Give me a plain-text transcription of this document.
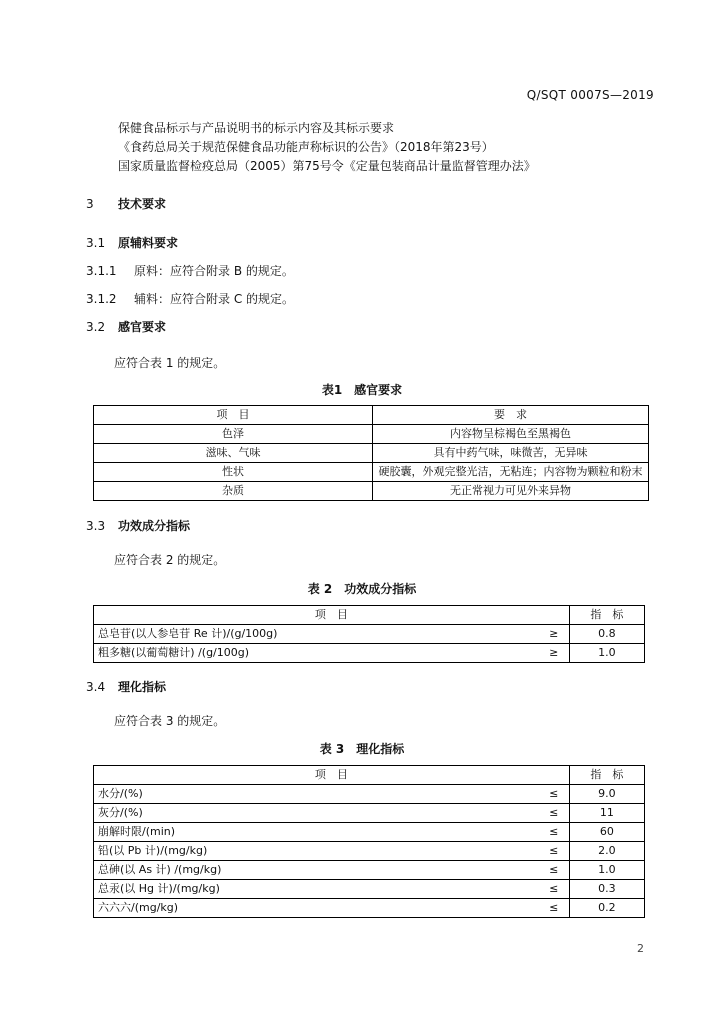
Q/SQT 0007S—2019
保健食品标示与产品说明书的标示内容及其标示要求
《食药总局关于规范保健食品功能声称标识的公告》（2018年第23号）
国家质量监督检疫总局（2005）第75号令《定量包装商品计量监督管理办法》
3 技术要求
3.1 原辅料要求
3.1.1 原料：应符合附录 B 的规定。
3.1.2 辅料：应符合附录 C 的规定。
3.2 感官要求
应符合表 1 的规定。
表1　感官要求
项　目	要　求
色泽	内容物呈棕褐色至黑褐色
滋味、气味	具有中药气味，味微苦，无异味
性状	硬胶囊，外观完整光洁，无粘连；内容物为颗粒和粉末
杂质	无正常视力可见外来异物
3.3 功效成分指标
应符合表 2 的规定。
表 2　功效成分指标
项　目		指　标
总皂苷(以人参皂苷 Re 计)/(g/100g)	≥	0.8
粗多糖(以葡萄糖计) /(g/100g)	≥	1.0
3.4 理化指标
应符合表 3 的规定。
表 3　理化指标
项　目		指　标
水分/(%)	≤	9.0
灰分/(%)	≤	11
崩解时限/(min)	≤	60
铅(以 Pb 计)/(mg/kg)	≤	2.0
总砷(以 As 计) /(mg/kg)	≤	1.0
总汞(以 Hg 计)/(mg/kg)	≤	0.3
六六六/(mg/kg)	≤	0.2
2
